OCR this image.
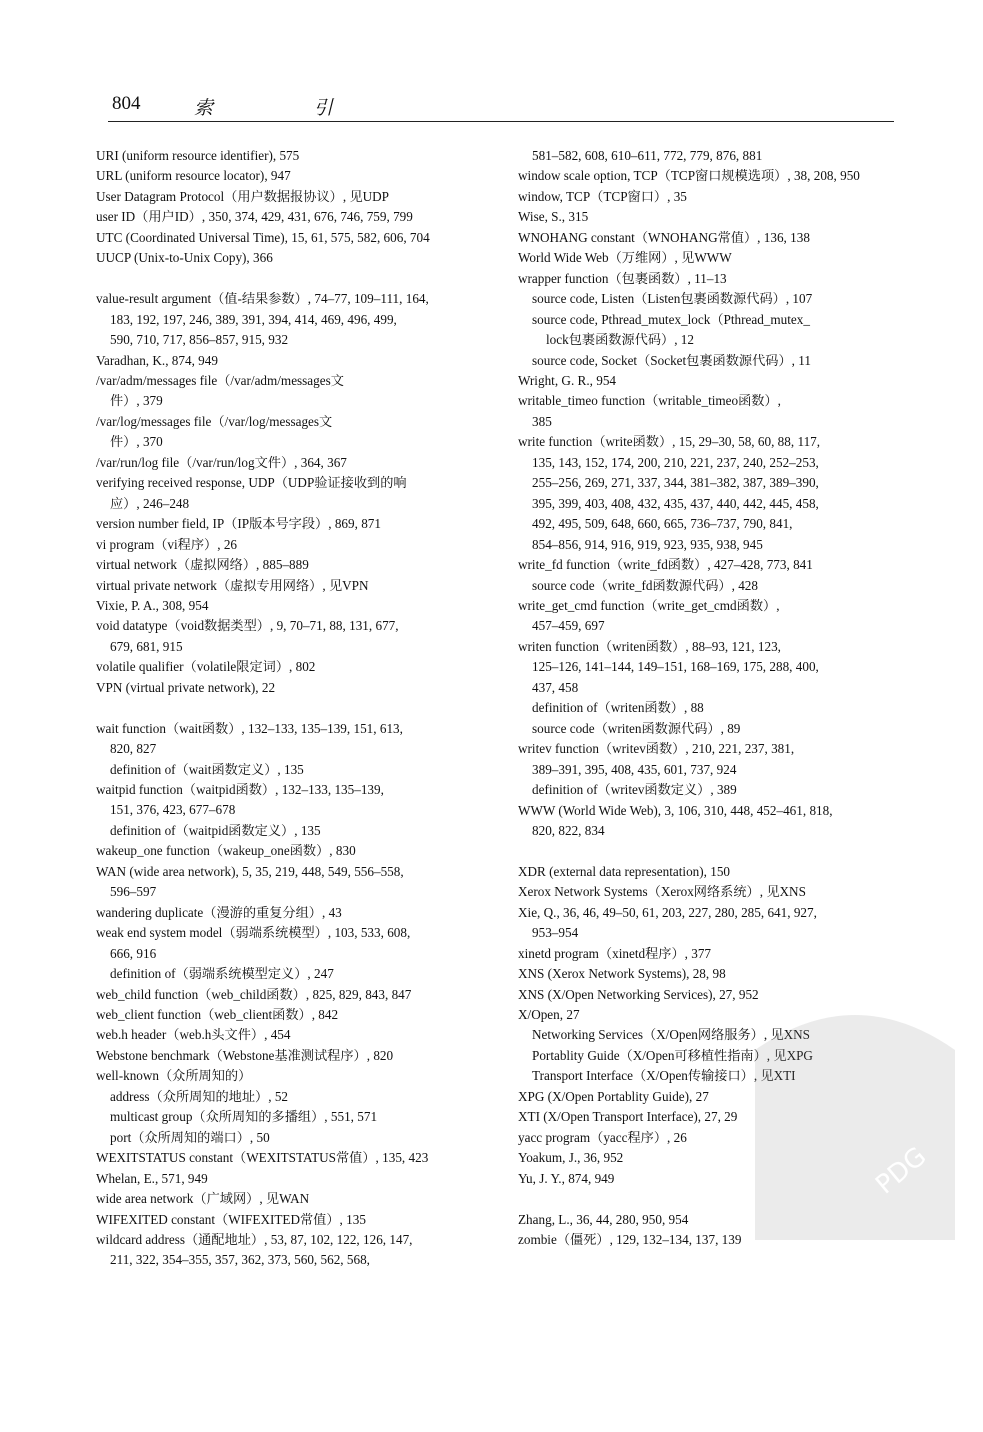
804	索 引
URI (uniform resource identifier), 575
URL (uniform resource locator), 947
User Datagram Protocol（用户数据报协议）, 见UDP
user ID（用户ID）, 350, 374, 429, 431, 676, 746, 759, 799
UTC (Coordinated Universal Time), 15, 61, 575, 582, 606, 704
UUCP (Unix-to-Unix Copy), 366
value-result argument（值-结果参数）, 74–77, 109–111, 164,
183, 192, 197, 246, 389, 391, 394, 414, 469, 496, 499,
590, 710, 717, 856–857, 915, 932
Varadhan, K., 874, 949
/var/adm/messages file（/var/adm/messages文
件）, 379
/var/log/messages file（/var/log/messages文
件）, 370
/var/run/log file（/var/run/log文件）, 364, 367
verifying received response, UDP（UDP验证接收到的响
应）, 246–248
version number field, IP（IP版本号字段）, 869, 871
vi program（vi程序）, 26
virtual network（虚拟网络）, 885–889
virtual private network（虚拟专用网络）, 见VPN
Vixie, P. A., 308, 954
void datatype（void数据类型）, 9, 70–71, 88, 131, 677,
679, 681, 915
volatile qualifier（volatile限定词）, 802
VPN (virtual private network), 22
wait function（wait函数）, 132–133, 135–139, 151, 613,
820, 827
definition of（wait函数定义）, 135
waitpid function（waitpid函数）, 132–133, 135–139,
151, 376, 423, 677–678
definition of（waitpid函数定义）, 135
wakeup_one function（wakeup_one函数）, 830
WAN (wide area network), 5, 35, 219, 448, 549, 556–558,
596–597
wandering duplicate（漫游的重复分组）, 43
weak end system model（弱端系统模型）, 103, 533, 608,
666, 916
definition of（弱端系统模型定义）, 247
web_child function（web_child函数）, 825, 829, 843, 847
web_client function（web_client函数）, 842
web.h header（web.h头文件）, 454
Webstone benchmark（Webstone基准测试程序）, 820
well-known（众所周知的）
address（众所周知的地址）, 52
multicast group（众所周知的多播组）, 551, 571
port（众所周知的端口）, 50
WEXITSTATUS constant（WEXITSTATUS常值）, 135, 423
Whelan, E., 571, 949
wide area network（广域网）, 见WAN
WIFEXITED constant（WIFEXITED常值）, 135
wildcard address（通配地址）, 53, 87, 102, 122, 126, 147,
211, 322, 354–355, 357, 362, 373, 560, 562, 568,
581–582, 608, 610–611, 772, 779, 876, 881
window scale option, TCP（TCP窗口规模选项）, 38, 208, 950
window, TCP（TCP窗口）, 35
Wise, S., 315
WNOHANG constant（WNOHANG常值）, 136, 138
World Wide Web（万维网）, 见WWW
wrapper function（包裹函数）, 11–13
source code, Listen（Listen包裹函数源代码）, 107
source code, Pthread_mutex_lock（Pthread_mutex_
lock包裹函数源代码）, 12
source code, Socket（Socket包裹函数源代码）, 11
Wright, G. R., 954
writable_timeo function（writable_timeo函数）,
385
write function（write函数）, 15, 29–30, 58, 60, 88, 117,
135, 143, 152, 174, 200, 210, 221, 237, 240, 252–253,
255–256, 269, 271, 337, 344, 381–382, 387, 389–390,
395, 399, 403, 408, 432, 435, 437, 440, 442, 445, 458,
492, 495, 509, 648, 660, 665, 736–737, 790, 841,
854–856, 914, 916, 919, 923, 935, 938, 945
write_fd function（write_fd函数）, 427–428, 773, 841
source code（write_fd函数源代码）, 428
write_get_cmd function（write_get_cmd函数）,
457–459, 697
writen function（writen函数）, 88–93, 121, 123,
125–126, 141–144, 149–151, 168–169, 175, 288, 400,
437, 458
definition of（writen函数）, 88
source code（writen函数源代码）, 89
writev function（writev函数）, 210, 221, 237, 381,
389–391, 395, 408, 435, 601, 737, 924
definition of（writev函数定义）, 389
WWW (World Wide Web), 3, 106, 310, 448, 452–461, 818,
820, 822, 834
XDR (external data representation), 150
Xerox Network Systems（Xerox网络系统）, 见XNS
Xie, Q., 36, 46, 49–50, 61, 203, 227, 280, 285, 641, 927,
953–954
xinetd program（xinetd程序）, 377
XNS (Xerox Network Systems), 28, 98
XNS (X/Open Networking Services), 27, 952
X/Open, 27
Networking Services（X/Open网络服务）, 见XNS
Portablity Guide（X/Open可移植性指南）, 见XPG
Transport Interface（X/Open传输接口）, 见XTI
XPG (X/Open Portablity Guide), 27
XTI (X/Open Transport Interface), 27, 29
yacc program（yacc程序）, 26
Yoakum, J., 36, 952
Yu, J. Y., 874, 949
Zhang, L., 36, 44, 280, 950, 954
zombie（僵死）, 129, 132–134, 137, 139
PDG
